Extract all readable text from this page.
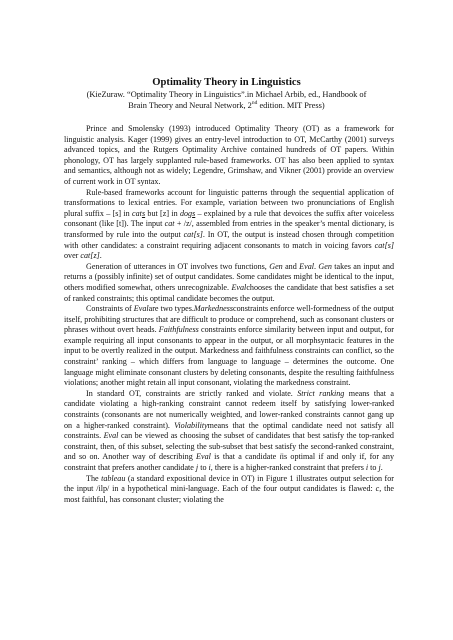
Optimality Theory in Linguistics

(KieZuraw. “Optimality Theory in Linguistics”.in Michael Arbib, ed., Handbook of

Brain Theory and Neural Network, 2nd edition. MIT Press)

Prince and Smolensky (1993) introduced Optimality Theory (OT) as a framework for linguistic analysis. Kager (1999) gives an entry-level introduction to OT, McCarthy (2001) surveys advanced topics, and the Rutgers Optimality Archive contained hundreds of OT papers. Within phonology, OT has largely supplanted rule-based frameworks. OT has also been applied to syntax and semantics, although not as widely; Legendre, Grimshaw, and Vikner (2001) provide an overview of current work in OT syntax.

Rule-based frameworks account for linguistic patterns through the sequential application of transformations to lexical entries. For example, variation between two pronunciations of English plural suffix – [s] in cats but [z] in dogs – explained by a rule that devoices the suffix after voiceless consonant (like [t]). The input cat + /z/, assembled from entries in the speaker’s mental dictionary, is transformed by rule into the output cat[s]. In OT, the output is instead chosen through competition with other candidates: a constraint requiring adjacent consonants to match in voicing favors cat[s] over cat[z].

Generation of utterances in OT involves two functions, Gen and Eval. Gen takes an input and returns a (possibly infinite) set of output candidates. Some candidates might be identical to the input, others modified somewhat, others unrecognizable. Evalchooses the candidate that best satisfies a set of ranked constraints; this optimal candidate becomes the output.

Constraints of Evalare two types.Markednessconstraints enforce well-formedness of the output itself, prohibiting structures that are difficult to produce or comprehend, such as consonant clusters or phrases without overt heads. Faithfulness constraints enforce similarity between input and output, for example requiring all input consonants to appear in the output, or all morphsyntacic features in the input to be overtly realized in the output. Markedness and faithfulness constraints can conflict, so the constraint’ ranking – which differs from language to language – determines the outcome. One language might eliminate consonant clusters by deleting consonants, despite the resulting faithfulness violations; another might retain all input consonant, violating the markedness constraint.

In standard OT, constraints are strictly ranked and violate. Strict ranking means that a candidate violating a high-ranking constraint cannot redeem itself by satisfying lower-ranked constraints (consonants are not numerically weighted, and lower-ranked constraints cannot gang up on a higher-ranked constraint). Violabilitymeans that the optimal candidate need not satisfy all constraints. Eval can be viewed as choosing the subset of candidates that best satisfy the top-ranked constraint, then, of this subset, selecting the sub-subset that best satisfy the second-ranked constraint, and so on. Another way of describing Eval is that a candidate iis optimal if and only if, for any constraint that prefers another candidate j to i, there is a higher-ranked constraint that prefers i to j.

The tableau (a standard expositional device in OT) in Figure 1 illustrates output selection for the input /ilp/ in a hypothetical mini-language. Each of the four output candidates is flawed: c, the most faithful, has consonant cluster; violating the
